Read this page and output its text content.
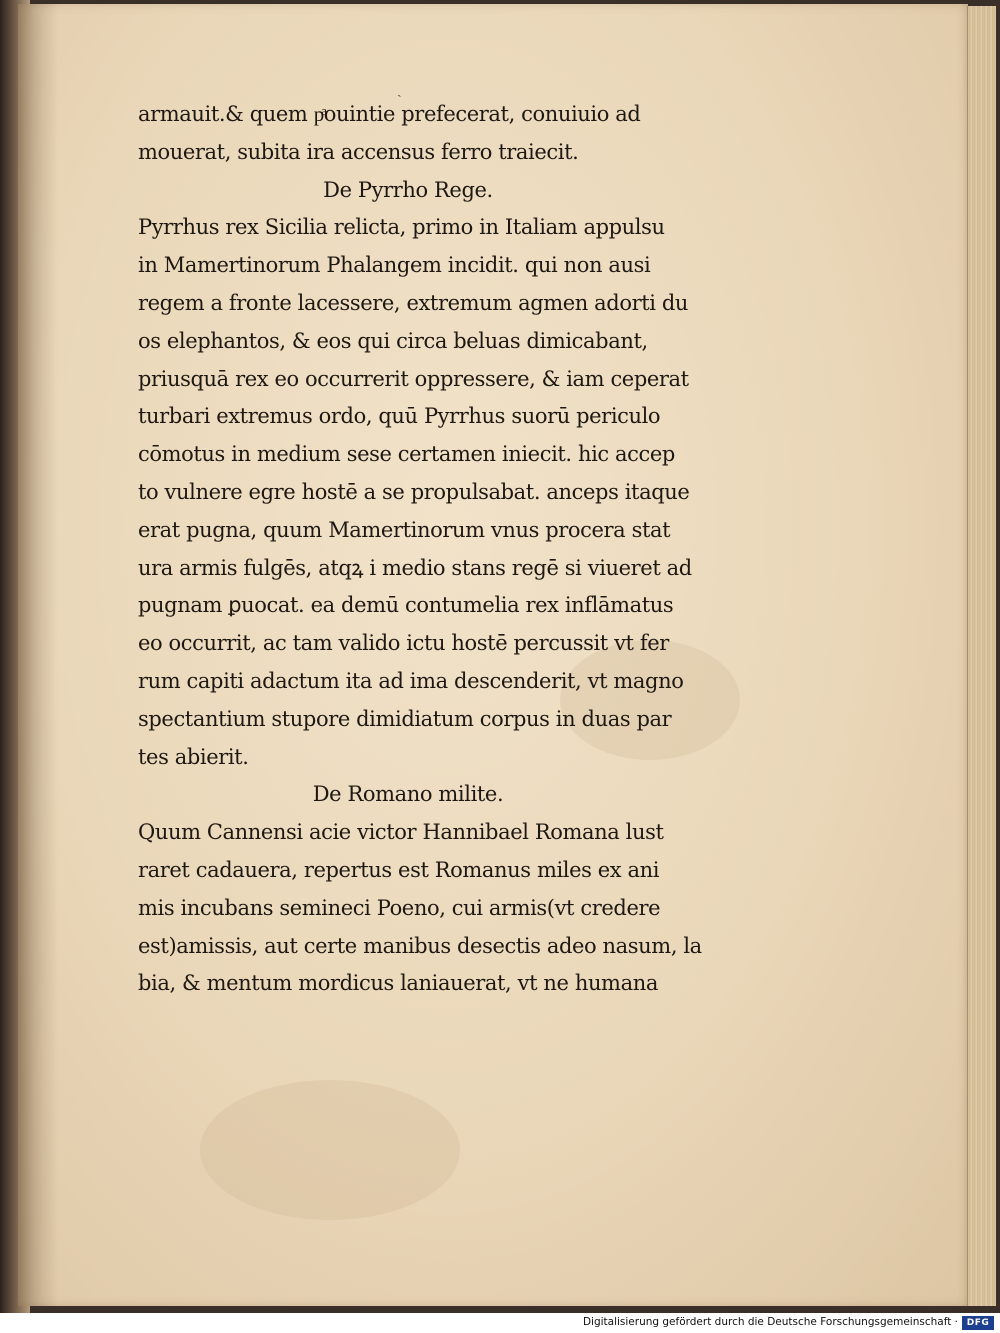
ˎ
armauit.& quem pͣouintie prefecerat, conuiuio ad
mouerat, subita ira accensus ferro traiecit.
De Pyrrho Rege.
Pyrrhus rex Sicilia relicta, primo in Italiam appulsu
in Mamertinorum Phalangem incidit. qui non ausi
regem a fronte lacessere, extremum agmen adorti du
os elephantos, & eos qui circa beluas dimicabant,
priusquā rex eo occurrerit oppressere, & iam ceperat
turbari extremus ordo, quū Pyrrhus suorū periculo
cōmotus in medium sese certamen iniecit. hic accep
to vulnere egre hostē a se propulsabat. anceps itaque
erat pugna, quum Mamertinorum vnus procera stat
ura armis fulgēs, atqꝝ i medio stans regē si viueret ad
pugnam ꝑuocat. ea demū contumelia rex inflāmatus
eo occurrit, ac tam valido ictu hostē percussit vt fer
rum capiti adactum ita ad ima descenderit, vt magno
spectantium stupore dimidiatum corpus in duas par
tes abierit.
De Romano milite.
Quum Cannensi acie victor Hannibael Romana lust
raret cadauera, repertus est Romanus miles ex ani
mis incubans semineci Poeno, cui armis(vt credere
est)amissis, aut certe manibus desectis adeo nasum, la
bia, & mentum mordicus laniauerat, vt ne humana
Digitalisierung gefördert durch die Deutsche Forschungsgemeinschaft · DFG
